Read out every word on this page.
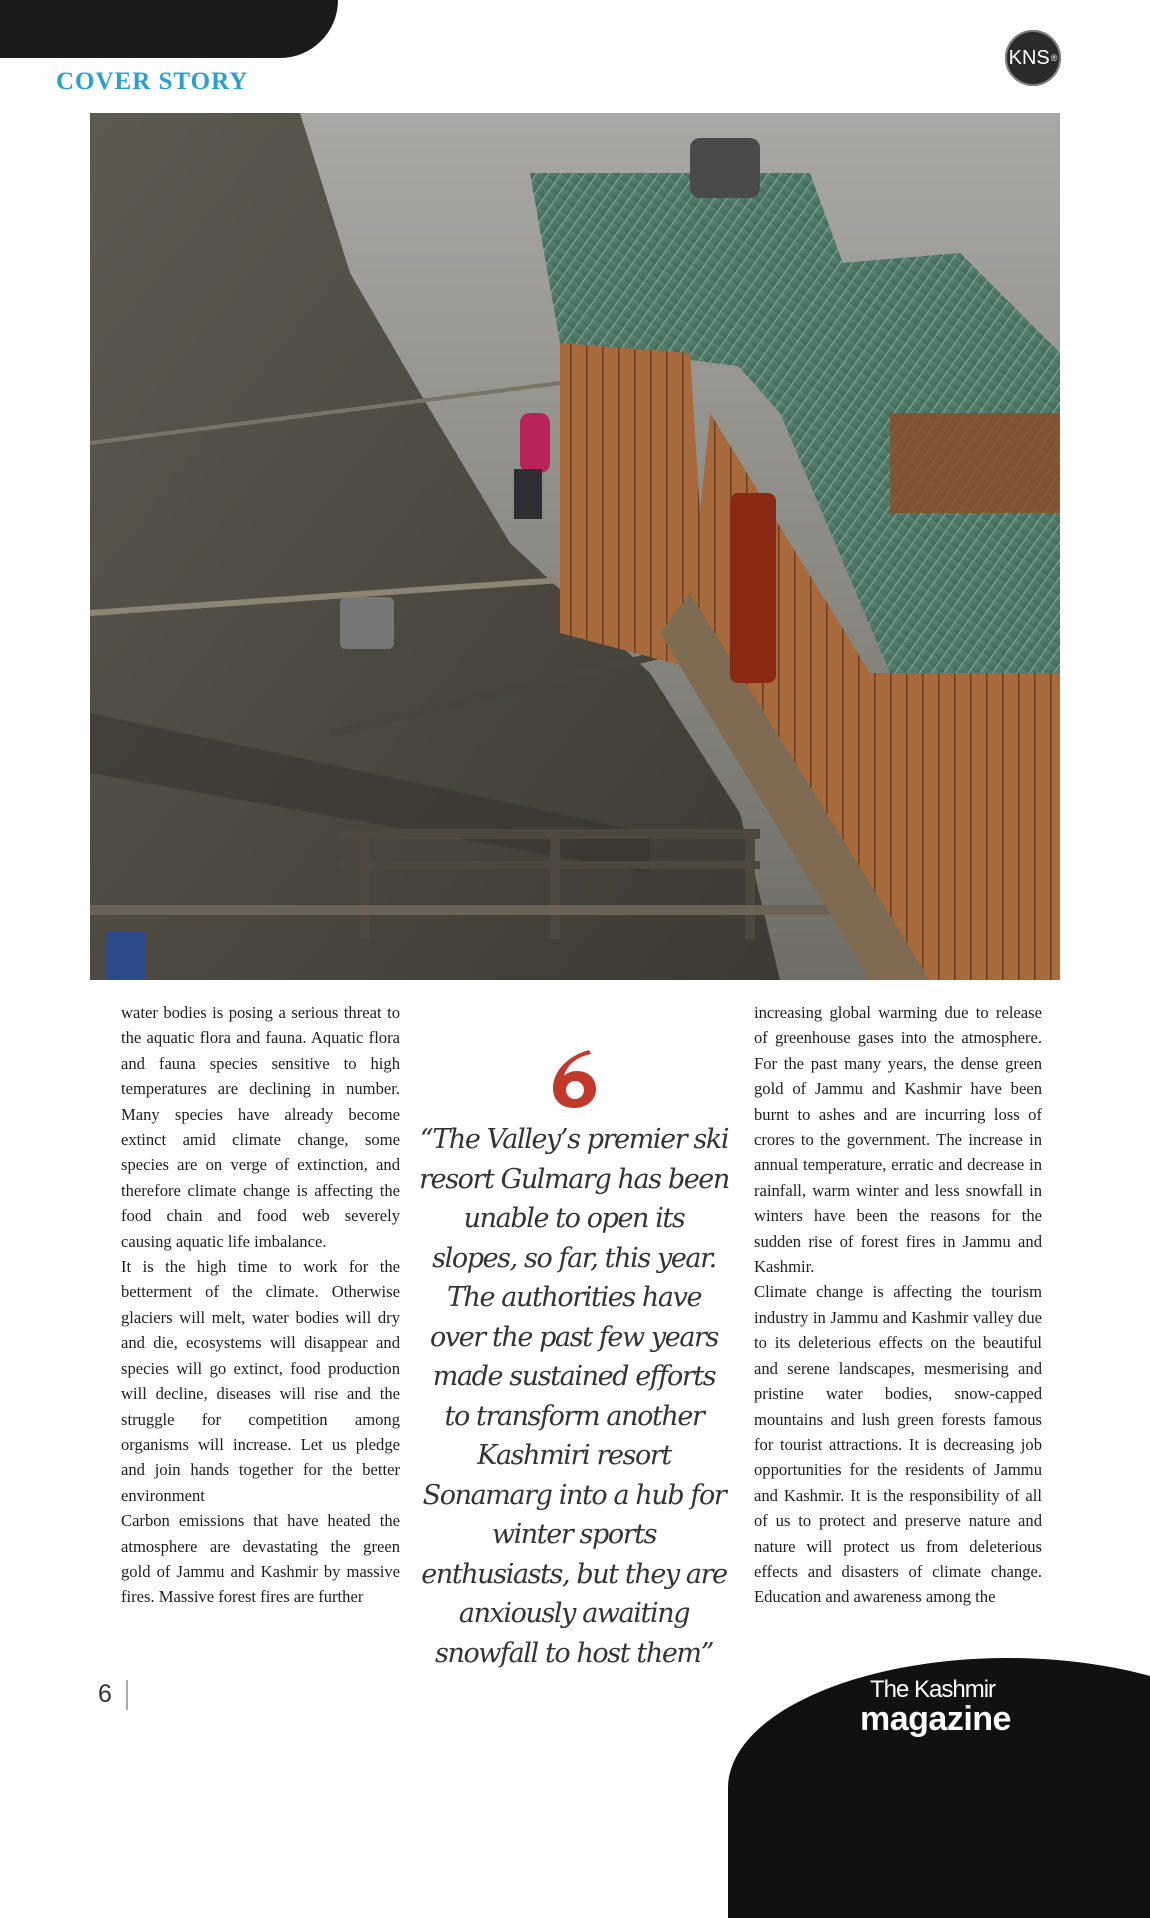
COVER STORY
KNS ®

water bodies is posing a serious threat to the aquatic flora and fauna. Aquatic flora and fauna species sensitive to high temperatures are declining in number. Many species have already become extinct amid climate change, some species are on verge of extinction, and therefore climate change is affecting the food chain and food web severely causing aquatic life imbalance.

It is the high time to work for the betterment of the climate. Otherwise glaciers will melt, water bodies will dry and die, ecosystems will disappear and species will go extinct, food production will decline, diseases will rise and the struggle for competition among organisms will increase. Let us pledge and join hands together for the better environment

Carbon emissions that have heated the atmosphere are devastating the green gold of Jammu and Kashmir by massive fires. Massive forest fires are further

“The Valley’s premier ski resort Gulmarg has been unable to open its slopes, so far, this year. The authorities have over the past few years made sustained efforts to transform another Kashmiri resort Sonamarg into a hub for winter sports enthusiasts, but they are anxiously awaiting snowfall to host them”

increasing global warming due to release of greenhouse gases into the atmosphere. For the past many years, the dense green gold of Jammu and Kashmir have been burnt to ashes and are incurring loss of crores to the government. The increase in annual temperature, erratic and decrease in rainfall, warm winter and less snowfall in winters have been the reasons for the sudden rise of forest fires in Jammu and Kashmir.

Climate change is affecting the tourism industry in Jammu and Kashmir valley due to its deleterious effects on the beautiful and serene landscapes, mesmerising and pristine water bodies, snow-capped mountains and lush green forests famous for tourist attractions. It is decreasing job opportunities for the residents of Jammu and Kashmir. It is the responsibility of all of us to protect and preserve nature and nature will protect us from deleterious effects and disasters of climate change. Education and awareness among the

6	The Kashmir
magazine
